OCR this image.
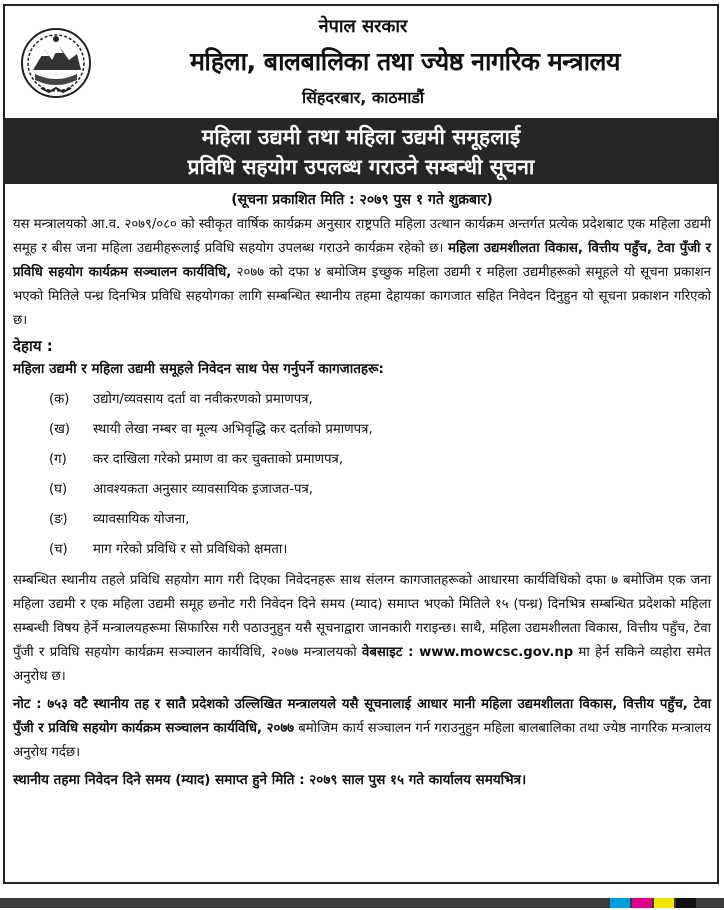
नेपाल सरकार
महिला, बालबालिका तथा ज्येष्ठ नागरिक मन्त्रालय
सिंहदरबार, काठमाडौं
महिला उद्यमी तथा महिला उद्यमी समूहलाई
प्रविधि सहयोग उपलब्ध गराउने सम्बन्धी सूचना
(सूचना प्रकाशित मिति : २०७९ पुस १ गते शुक्रबार)

यस मन्त्रालयको आ.व. २०७९/०८० को स्वीकृत वार्षिक कार्यक्रम अनुसार राष्ट्रपति महिला उत्थान कार्यक्रम अन्तर्गत प्रत्येक प्रदेशबाट एक महिला उद्यमी समूह र बीस जना महिला उद्यमीहरूलाई प्रविधि सहयोग उपलब्ध गराउने कार्यक्रम रहेको छ। महिला उद्यमशीलता विकास, वित्तीय पहुँच, टेवा पुँजी र प्रविधि सहयोग कार्यक्रम सञ्चालन कार्यविधि, २०७७ को दफा ४ बमोजिम इच्छुक महिला उद्यमी र महिला उद्यमीहरूको समूहले यो सूचना प्रकाशन भएको मितिले पन्ध्र दिनभित्र प्रविधि सहयोगका लागि सम्बन्धित स्थानीय तहमा देहायका कागजात सहित निवेदन दिनुहुन यो सूचना प्रकाशन गरिएको छ।

देहाय :
महिला उद्यमी र महिला उद्यमी समूहले निवेदन साथ पेस गर्नुपर्ने कागजातहरू:
(क) उद्योग/व्यवसाय दर्ता वा नवीकरणको प्रमाणपत्र,
(ख) स्थायी लेखा नम्बर वा मूल्य अभिवृद्धि कर दर्ताको प्रमाणपत्र,
(ग) कर दाखिला गरेको प्रमाण वा कर चुक्ताको प्रमाणपत्र,
(घ) आवश्यकता अनुसार व्यावसायिक इजाजत-पत्र,
(ङ) व्यावसायिक योजना,
(च) माग गरेको प्रविधि र सो प्रविधिको क्षमता।

सम्बन्धित स्थानीय तहले प्रविधि सहयोग माग गरी दिएका निवेदनहरू साथ संलग्न कागजातहरूको आधारमा कार्यविधिको दफा ७ बमोजिम एक जना महिला उद्यमी र एक महिला उद्यमी समूह छनोट गरी निवेदन दिने समय (म्याद) समाप्त भएको मितिले १५ (पन्ध्र) दिनभित्र सम्बन्धित प्रदेशको महिला सम्बन्धी विषय हेर्ने मन्त्रालयहरूमा सिफारिस गरी पठाउनुहुन यसै सूचनाद्वारा जानकारी गराइन्छ। साथै, महिला उद्यमशीलता विकास, वित्तीय पहुँच, टेवा पुँजी र प्रविधि सहयोग कार्यक्रम सञ्चालन कार्यविधि, २०७७ मन्त्रालयको वेबसाइट : www.mowcsc.gov.np मा हेर्न सकिने व्यहोरा समेत अनुरोध छ।

नोट : ७५३ वटै स्थानीय तह र सातै प्रदेशको उल्लिखित मन्त्रालयले यसै सूचनालाई आधार मानी महिला उद्यमशीलता विकास, वित्तीय पहुँच, टेवा पुँजी र प्रविधि सहयोग कार्यक्रम सञ्चालन कार्यविधि, २०७७ बमोजिम कार्य सञ्चालन गर्न गराउनुहुन महिला बालबालिका तथा ज्येष्ठ नागरिक मन्त्रालय अनुरोध गर्दछ।

स्थानीय तहमा निवेदन दिने समय (म्याद) समाप्त हुने मिति : २०७९ साल पुस १५ गते कार्यालय समयभित्र।
